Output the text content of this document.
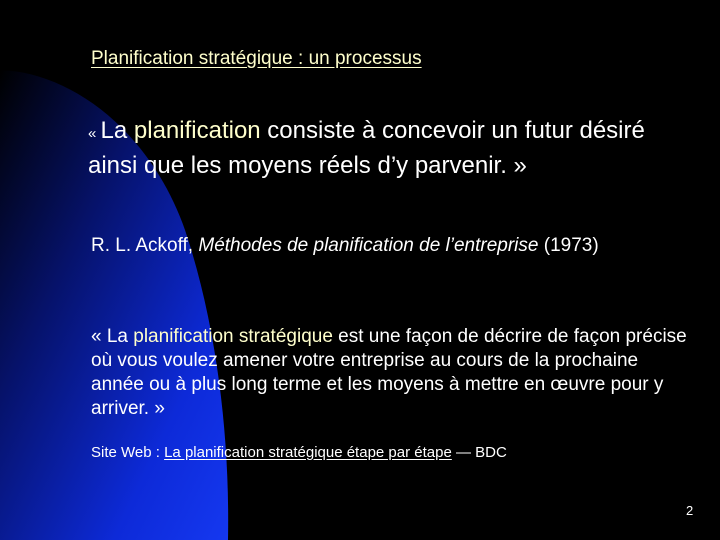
Planification stratégique : un processus
« La planification consiste à concevoir un futur désiré ainsi que les moyens réels d’y parvenir. »
R. L. Ackoff, Méthodes de planification de l’entreprise (1973)
« La planification stratégique est une façon de décrire de façon précise où vous voulez amener votre entreprise au cours de la prochaine année ou à plus long terme et les moyens à mettre en œuvre pour y arriver. »
Site Web : La planification stratégique étape par étape — BDC
2
